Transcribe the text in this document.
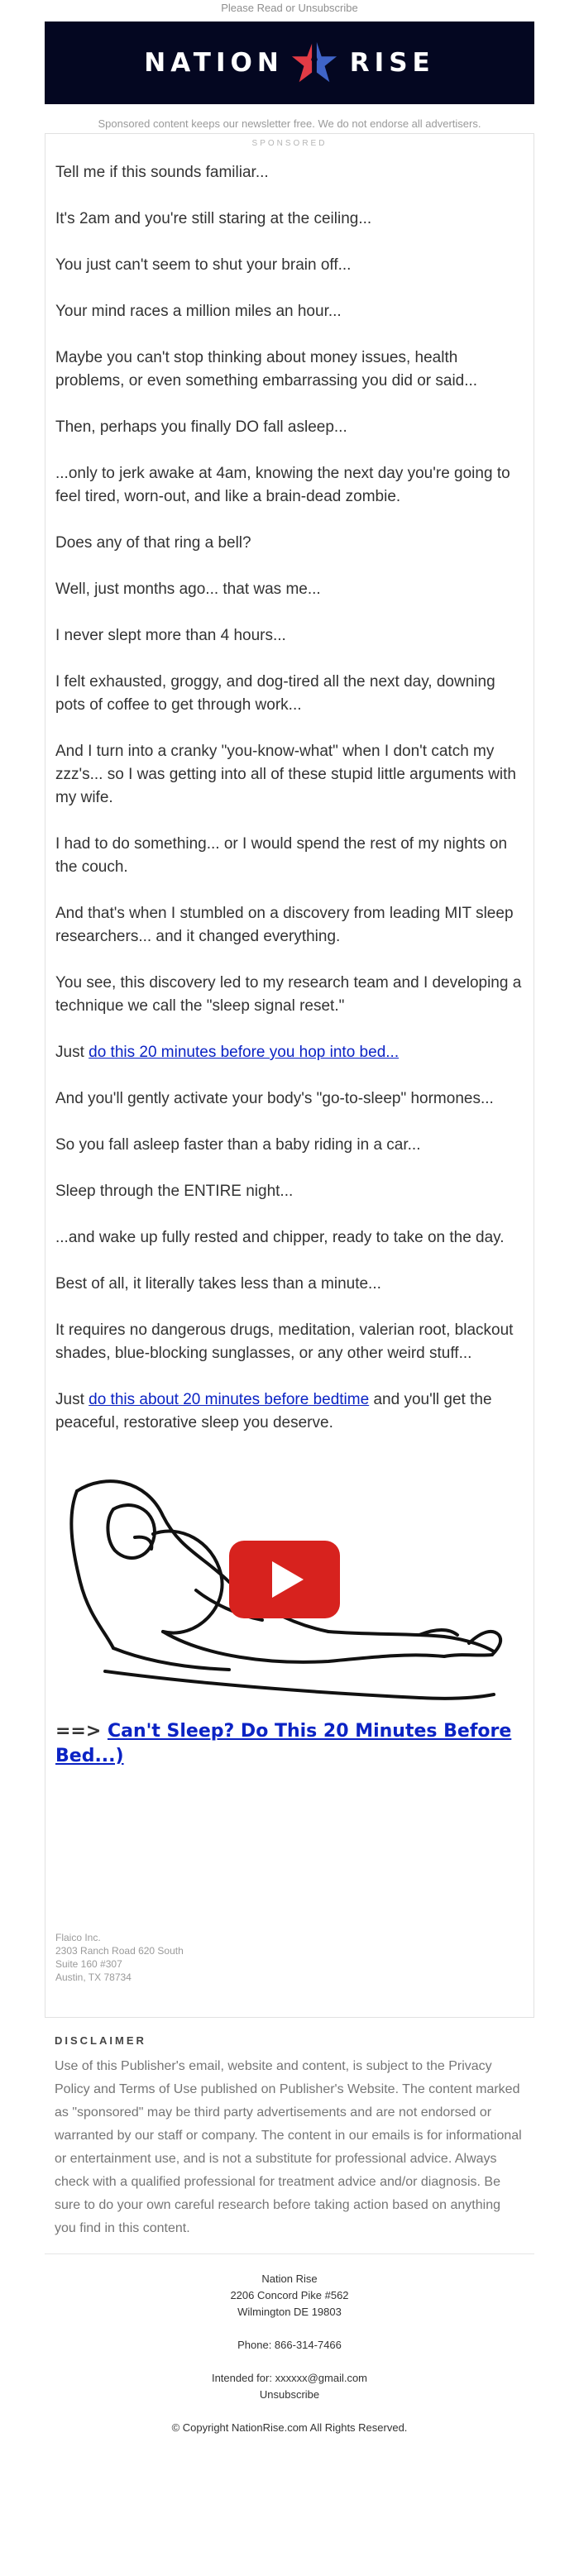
Please Read or Unsubscribe
NATION	RISE
Sponsored content keeps our newsletter free. We do not endorse all advertisers.
SPONSORED

Tell me if this sounds familiar...

It's 2am and you're still staring at the ceiling...

You just can't seem to shut your brain off...

Your mind races a million miles an hour...

Maybe you can't stop thinking about money issues, health problems, or even something embarrassing you did or said...

Then, perhaps you finally DO fall asleep...

...only to jerk awake at 4am, knowing the next day you're going to feel tired, worn-out, and like a brain-dead zombie.

Does any of that ring a bell?

Well, just months ago... that was me...

I never slept more than 4 hours...

I felt exhausted, groggy, and dog-tired all the next day, downing pots of coffee to get through work...

And I turn into a cranky "you-know-what" when I don't catch my zzz's... so I was getting into all of these stupid little arguments with my wife.

I had to do something... or I would spend the rest of my nights on the couch.

And that's when I stumbled on a discovery from leading MIT sleep researchers... and it changed everything.

You see, this discovery led to my research team and I developing a technique we call the "sleep signal reset."

Just do this 20 minutes before you hop into bed...

And you'll gently activate your body's "go-to-sleep" hormones...

So you fall asleep faster than a baby riding in a car...

Sleep through the ENTIRE night...

...and wake up fully rested and chipper, ready to take on the day.

Best of all, it literally takes less than a minute...

It requires no dangerous drugs, meditation, valerian root, blackout shades, blue-blocking sunglasses, or any other weird stuff...

Just do this about 20 minutes before bedtime and you'll get the peaceful, restorative sleep you deserve.

==> Can't Sleep? Do This 20 Minutes Before Bed...)
Flaico Inc.
2303 Ranch Road 620 South
Suite 160 #307
Austin, TX 78734
DISCLAIMER

Use of this Publisher's email, website and content, is subject to the Privacy Policy and Terms of Use published on Publisher's Website. The content marked as "sponsored" may be third party advertisements and are not endorsed or warranted by our staff or company. The content in our emails is for informational or entertainment use, and is not a substitute for professional advice. Always check with a qualified professional for treatment advice and/or diagnosis. Be sure to do your own careful research before taking action based on anything you find in this content.

Nation Rise
2206 Concord Pike #562
Wilmington DE 19803
Phone: 866-314-7466
Intended for: xxxxxx@gmail.com
Unsubscribe
© Copyright NationRise.com All Rights Reserved.
